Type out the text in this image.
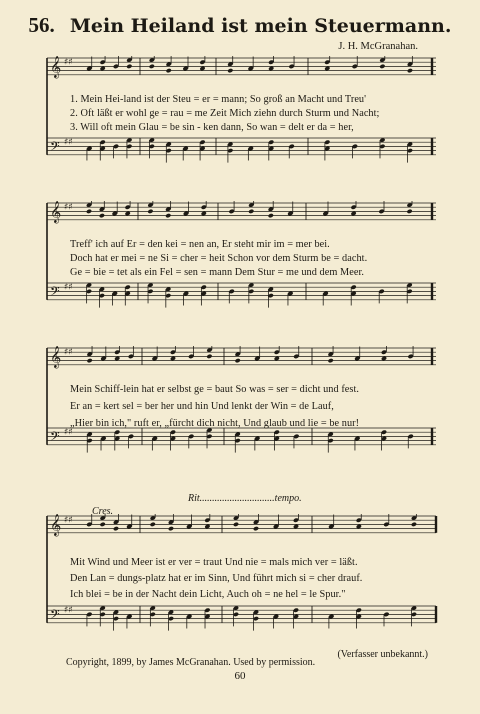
56. Mein Heiland ist mein Steuermann.
J. H. McGranahan.
𝄞 ♯♯
𝄢 ♯♯
1. Mein Hei-land ist der Steu = er = mann; So groß an Macht und Treu'
2. Oft läßt er wohl ge = rau = me Zeit Mich ziehn durch Sturm und Nacht;
3. Will oft mein Glau = be sin - ken dann, So wan = delt er da = her,
𝄞 ♯♯
𝄢 ♯♯
Treff' ich auf Er = den kei = nen an, Er steht mir im = mer bei.
Doch hat er mei = ne Si = cher = heit Schon vor dem Sturm be = dacht.
Ge = bie = tet als ein Fel = sen = mann Dem Stur = me und dem Meer.
𝄞 ♯♯
𝄢 ♯♯
Mein Schiff-lein hat er selbst ge = baut So was = ser = dicht und fest.
Er an = kert sel = ber her und hin Und lenkt der Win = de Lauf,
„Hier bin ich," ruft er, „fürcht dich nicht, Und glaub und lie = be nur!
Rit..............................tempo.
𝄞 ♯♯
𝄢 ♯♯
Mit Wind und Meer ist er ver = traut Und nie = mals mich ver = läßt.
Den Lan = dungs-platz hat er im Sinn, Und führt mich si = cher drauf.
Ich blei = be in der Nacht dein Licht, Auch oh = ne hel = le Spur."
Cres.
(Verfasser unbekannt.)
Copyright, 1899, by James McGranahan. Used by permission.
60
